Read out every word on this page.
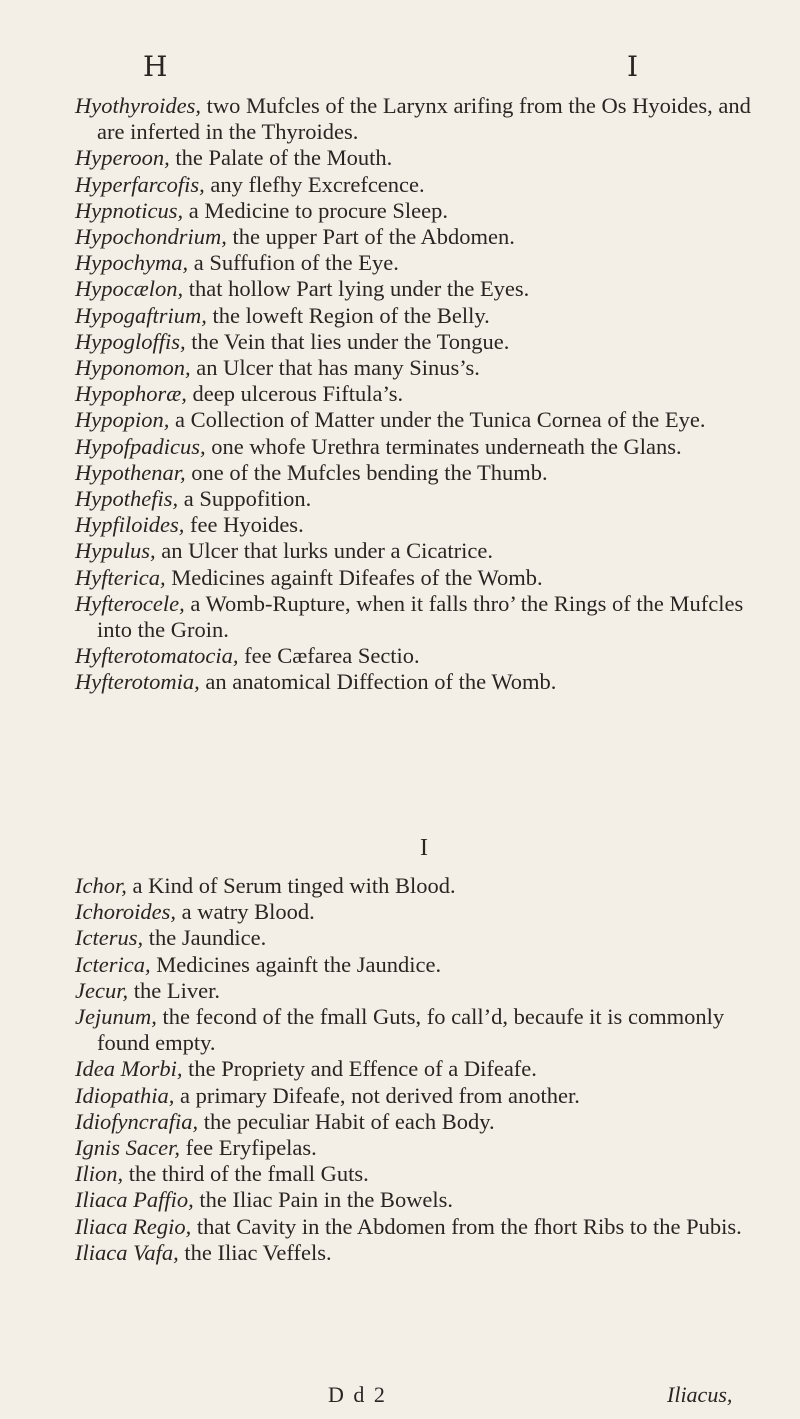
H	I
Hyothyroides, two Mufcles of the Larynx arifing from the Os Hyoides, and are inferted in the Thyroides.
Hyperoon, the Palate of the Mouth.
Hyperfarcofis, any flefhy Excrefcence.
Hypnoticus, a Medicine to procure Sleep.
Hypochondrium, the upper Part of the Abdomen.
Hypochyma, a Suffufion of the Eye.
Hypocælon, that hollow Part lying under the Eyes.
Hypogaftrium, the loweft Region of the Belly.
Hypogloffis, the Vein that lies under the Tongue.
Hyponomon, an Ulcer that has many Sinus’s.
Hypophoræ, deep ulcerous Fiftula’s.
Hypopion, a Collection of Matter under the Tunica Cornea of the Eye.
Hypofpadicus, one whofe Urethra terminates underneath the Glans.
Hypothenar, one of the Mufcles bending the Thumb.
Hypothefis, a Suppofition.
Hypfiloides, fee Hyoides.
Hypulus, an Ulcer that lurks under a Cicatrice.
Hyfterica, Medicines againft Difeafes of the Womb.
Hyfterocele, a Womb-Rupture, when it falls thro’ the Rings of the Mufcles into the Groin.
Hyfterotomatocia, fee Cæfarea Sectio.
Hyfterotomia, an anatomical Diffection of the Womb.
I
Ichor, a Kind of Serum tinged with Blood.
Ichoroides, a watry Blood.
Icterus, the Jaundice.
Icterica, Medicines againft the Jaundice.
Jecur, the Liver.
Jejunum, the fecond of the fmall Guts, fo call’d, becaufe it is commonly found empty.
Idea Morbi, the Propriety and Effence of a Difeafe.
Idiopathia, a primary Difeafe, not derived from another.
Idiofyncrafia, the peculiar Habit of each Body.
Ignis Sacer, fee Eryfipelas.
Ilion, the third of the fmall Guts.
Iliaca Paffio, the Iliac Pain in the Bowels.
Iliaca Regio, that Cavity in the Abdomen from the fhort Ribs to the Pubis.
Iliaca Vafa, the Iliac Veffels.
D d 2	Iliacus,
